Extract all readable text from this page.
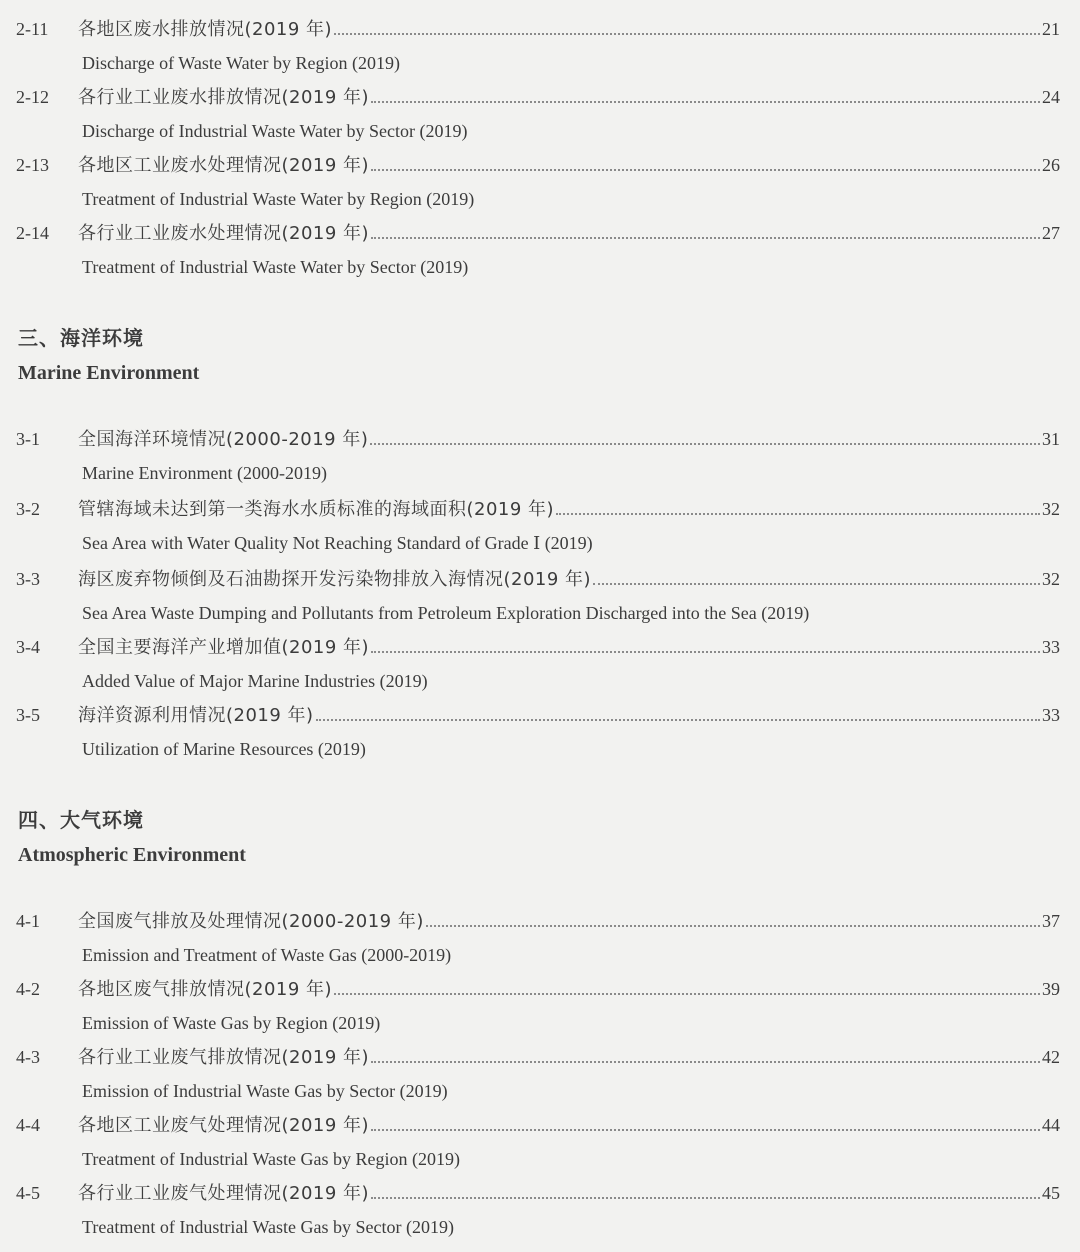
2-11 各地区废水排放情况(2019 年)	21
Discharge of Waste Water by Region (2019)
2-12 各行业工业废水排放情况(2019 年)	24
Discharge of Industrial Waste Water by Sector (2019)
2-13 各地区工业废水处理情况(2019 年)	26
Treatment of Industrial Waste Water by Region (2019)
2-14 各行业工业废水处理情况(2019 年)	27
Treatment of Industrial Waste Water by Sector (2019)
三、海洋环境
Marine Environment
3-1 全国海洋环境情况(2000-2019 年)	31
Marine Environment (2000-2019)
3-2 管辖海域未达到第一类海水水质标准的海域面积(2019 年)	32
Sea Area with Water Quality Not Reaching Standard of Grade Ⅰ (2019)
3-3 海区废弃物倾倒及石油勘探开发污染物排放入海情况(2019 年)	32
Sea Area Waste Dumping and Pollutants from Petroleum Exploration Discharged into the Sea (2019)
3-4 全国主要海洋产业增加值(2019 年)	33
Added Value of Major Marine Industries (2019)
3-5 海洋资源利用情况(2019 年)	33
Utilization of Marine Resources (2019)
四、大气环境
Atmospheric Environment
4-1 全国废气排放及处理情况(2000-2019 年)	37
Emission and Treatment of Waste Gas (2000-2019)
4-2 各地区废气排放情况(2019 年)	39
Emission of Waste Gas by Region (2019)
4-3 各行业工业废气排放情况(2019 年)	42
Emission of Industrial Waste Gas by Sector (2019)
4-4 各地区工业废气处理情况(2019 年)	44
Treatment of Industrial Waste Gas by Region (2019)
4-5 各行业工业废气处理情况(2019 年)	45
Treatment of Industrial Waste Gas by Sector (2019)
